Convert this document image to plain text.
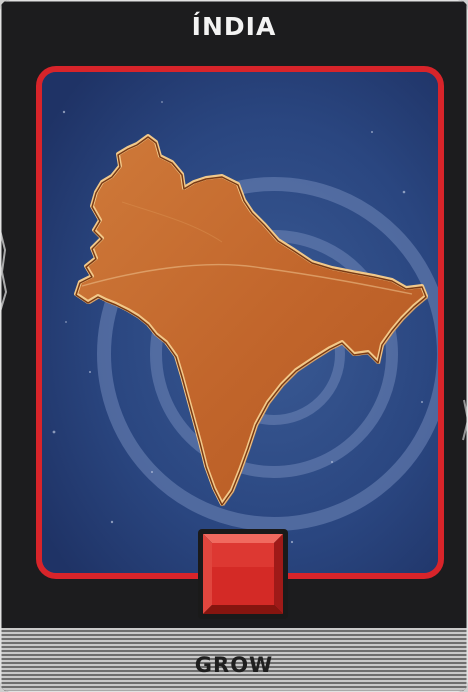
ÍNDIA
GROW
